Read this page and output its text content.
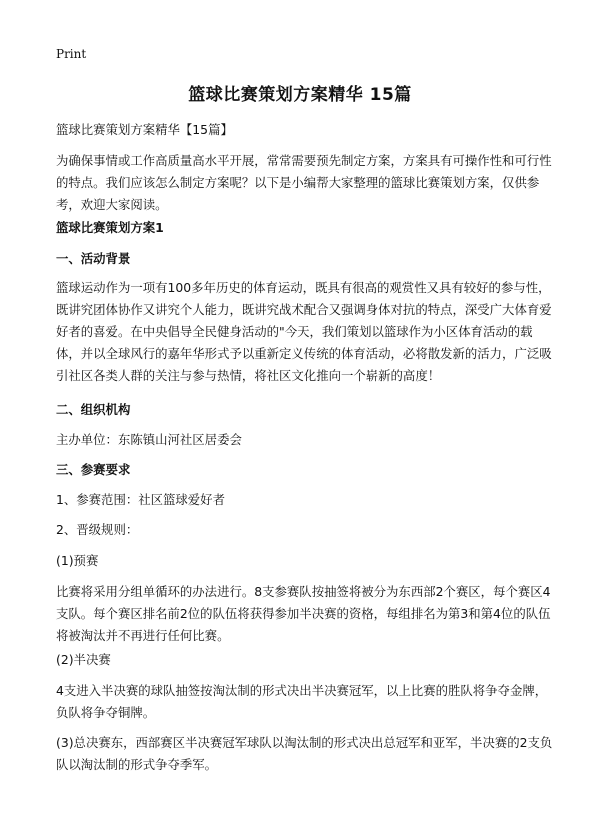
Print
篮球比赛策划方案精华 15篇
篮球比赛策划方案精华【15篇】
为确保事情或工作高质量高水平开展，常常需要预先制定方案，方案具有可操作性和可行性的特点。我们应该怎么制定方案呢？以下是小编帮大家整理的篮球比赛策划方案，仅供参考，欢迎大家阅读。
篮球比赛策划方案1
一、活动背景
篮球运动作为一项有100多年历史的体育运动，既具有很高的观赏性又具有较好的参与性，既讲究团体协作又讲究个人能力，既讲究战术配合又强调身体对抗的特点，深受广大体育爱好者的喜爱。在中央倡导全民健身活动的"今天，我们策划以篮球作为小区体育活动的载体，并以全球风行的嘉年华形式予以重新定义传统的体育活动，必将散发新的活力，广泛吸引社区各类人群的关注与参与热情，将社区文化推向一个崭新的高度！
二、组织机构
主办单位：东陈镇山河社区居委会
三、参赛要求
1、参赛范围：社区篮球爱好者
2、晋级规则：
(1)预赛
比赛将采用分组单循环的办法进行。8支参赛队按抽签将被分为东西部2个赛区，每个赛区4支队。每个赛区排名前2位的队伍将获得参加半决赛的资格，每组排名为第3和第4位的队伍将被淘汰并不再进行任何比赛。
(2)半决赛
4支进入半决赛的球队抽签按淘汰制的形式决出半决赛冠军，以上比赛的胜队将争夺金牌，负队将争夺铜牌。
(3)总决赛东，西部赛区半决赛冠军球队以淘汰制的形式决出总冠军和亚军，半决赛的2支负队以淘汰制的形式争夺季军。
